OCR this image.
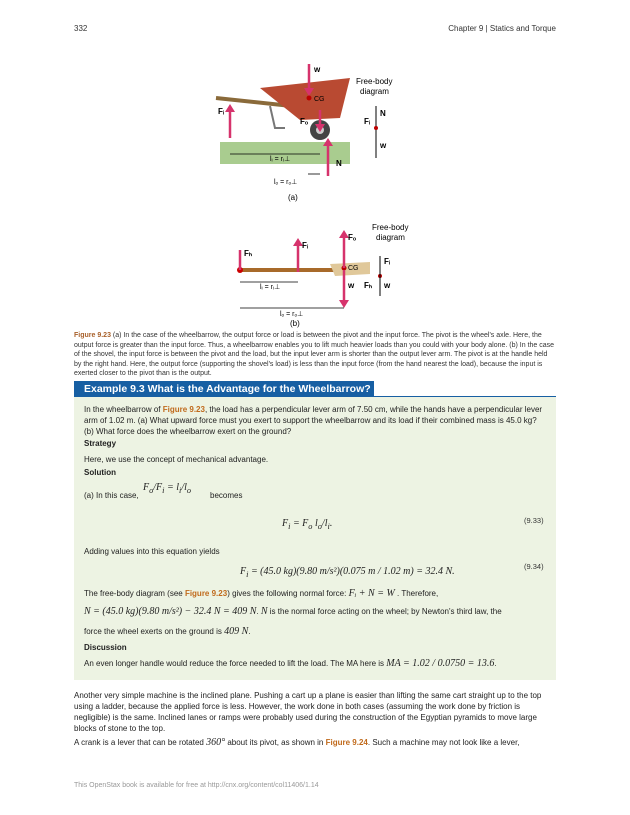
332	Chapter 9 | Statics and Torque
w
CG
Fᵢ
Fₒ
N
lᵢ = rᵢ⊥
lₒ = rₒ⊥
Free-body
diagram
N
Fᵢ
w
(a)
Free-body
diagram
Fₒ
Fᵢ
Fₕ
CG
w
lᵢ = rᵢ⊥
lₒ = rₒ⊥
Fᵢ
Fₕ w
(b)
Figure 9.23 (a) In the case of the wheelbarrow, the output force or load is between the pivot and the input force. The pivot is the wheel's axle. Here, the output force is greater than the input force. Thus, a wheelbarrow enables you to lift much heavier loads than you could with your body alone. (b) In the case of the shovel, the input force is between the pivot and the load, but the input lever arm is shorter than the output lever arm. The pivot is at the handle held by the right hand. Here, the output force (supporting the shovel's load) is less than the input force (from the hand nearest the load), because the input is exerted closer to the pivot than is the output.
Example 9.3 What is the Advantage for the Wheelbarrow?
In the wheelbarrow of Figure 9.23, the load has a perpendicular lever arm of 7.50 cm, while the hands have a perpendicular lever arm of 1.02 m. (a) What upward force must you exert to support the wheelbarrow and its load if their combined mass is 45.0 kg? (b) What force does the wheelbarrow exert on the ground?
Strategy
Here, we use the concept of mechanical advantage.
Solution
(a) In this case,
$F_o/F_i = l_i/l_o$
becomes
$F_i = F_o$ $l_o/l_i$.	(9.33)
Adding values into this equation yields
$F_i = (45.0$ kg)(9.80 m/s²)(0.075 m / 1.02 m) = 32.4 N.	(9.34)
The free-body diagram (see Figure 9.23) gives the following normal force: Fᵢ + N = W . Therefore,
N = (45.0 kg)(9.80 m/s²) − 32.4 N = 409 N. N is the normal force acting on the wheel; by Newton's third law, the
force the wheel exerts on the ground is 409 N.
Discussion
An even longer handle would reduce the force needed to lift the load. The MA here is MA = 1.02 / 0.0750 = 13.6.
Another very simple machine is the inclined plane. Pushing a cart up a plane is easier than lifting the same cart straight up to the top using a ladder, because the applied force is less. However, the work done in both cases (assuming the work done by friction is negligible) is the same. Inclined lanes or ramps were probably used during the construction of the Egyptian pyramids to move large blocks of stone to the top.
A crank is a lever that can be rotated 360° about its pivot, as shown in Figure 9.24. Such a machine may not look like a lever,
This OpenStax book is available for free at http://cnx.org/content/col11406/1.14
